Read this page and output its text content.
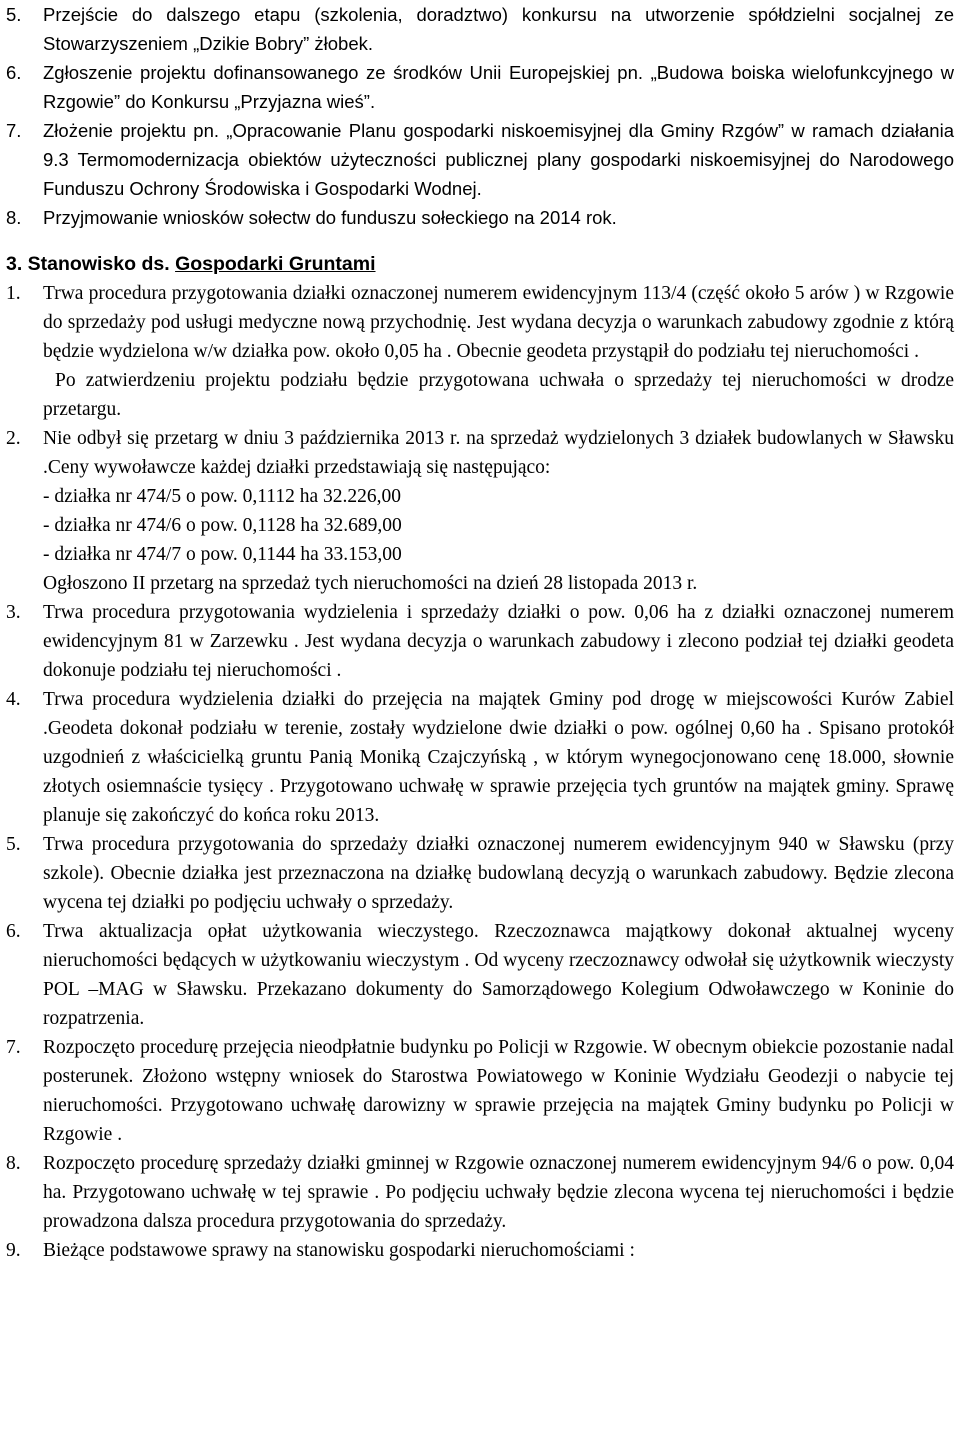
5. Przejście do dalszego etapu (szkolenia, doradztwo) konkursu na utworzenie spółdzielni socjalnej ze Stowarzyszeniem „Dzikie Bobry” żłobek.
6. Zgłoszenie projektu dofinansowanego ze środków Unii Europejskiej pn. „Budowa boiska wielofunkcyjnego w Rzgowie” do Konkursu „Przyjazna wieś”.
7. Złożenie projektu pn. „Opracowanie Planu gospodarki niskoemisyjnej dla Gminy Rzgów” w ramach działania 9.3 Termomodernizacja obiektów użyteczności publicznej plany gospodarki niskoemisyjnej do Narodowego Funduszu Ochrony Środowiska i Gospodarki Wodnej.
8. Przyjmowanie wniosków sołectw do funduszu sołeckiego na 2014 rok.

3. Stanowisko ds. Gospodarki Gruntami

1. Trwa procedura przygotowania działki oznaczonej numerem ewidencyjnym 113/4 (część około 5 arów ) w Rzgowie do sprzedaży pod usługi medyczne nową przychodnię. Jest wydana decyzja o warunkach zabudowy zgodnie z którą będzie wydzielona w/w działka pow. około 0,05 ha . Obecnie geodeta przystąpił do podziału tej nieruchomości .
Po zatwierdzeniu projektu podziału będzie przygotowana uchwała o sprzedaży tej nieruchomości w drodze przetargu.
2. Nie odbył się przetarg w dniu 3 października 2013 r. na sprzedaż wydzielonych 3 działek budowlanych w Sławsku .Ceny wywoławcze każdej działki przedstawiają się następująco:
- działka nr 474/5 o pow. 0,1112 ha 32.226,00
- działka nr 474/6 o pow. 0,1128 ha 32.689,00
- działka nr 474/7 o pow. 0,1144 ha 33.153,00
Ogłoszono II przetarg na sprzedaż tych nieruchomości na dzień 28 listopada 2013 r.
3. Trwa procedura przygotowania wydzielenia i sprzedaży działki o pow. 0,06 ha z działki oznaczonej numerem ewidencyjnym 81 w Zarzewku . Jest wydana decyzja o warunkach zabudowy i zlecono podział tej działki geodeta dokonuje podziału tej nieruchomości .
4. Trwa procedura wydzielenia działki do przejęcia na majątek Gminy pod drogę w miejscowości Kurów Zabiel .Geodeta dokonał podziału w terenie, zostały wydzielone dwie działki o pow. ogólnej 0,60 ha . Spisano protokół uzgodnień z właścicielką gruntu Panią Moniką Czajczyńską , w którym wynegocjonowano cenę 18.000, słownie złotych osiemnaście tysięcy . Przygotowano uchwałę w sprawie przejęcia tych gruntów na majątek gminy. Sprawę planuje się zakończyć do końca roku 2013.
5. Trwa procedura przygotowania do sprzedaży działki oznaczonej numerem ewidencyjnym 940 w Sławsku (przy szkole). Obecnie działka jest przeznaczona na działkę budowlaną decyzją o warunkach zabudowy. Będzie zlecona wycena tej działki po podjęciu uchwały o sprzedaży.
6. Trwa aktualizacja opłat użytkowania wieczystego. Rzeczoznawca majątkowy dokonał aktualnej wyceny nieruchomości będących w użytkowaniu wieczystym . Od wyceny rzeczoznawcy odwołał się użytkownik wieczysty POL –MAG w Sławsku. Przekazano dokumenty do Samorządowego Kolegium Odwoławczego w Koninie do rozpatrzenia.
7. Rozpoczęto procedurę przejęcia nieodpłatnie budynku po Policji w Rzgowie. W obecnym obiekcie pozostanie nadal posterunek. Złożono wstępny wniosek do Starostwa Powiatowego w Koninie Wydziału Geodezji o nabycie tej nieruchomości. Przygotowano uchwałę darowizny w sprawie przejęcia na majątek Gminy budynku po Policji w Rzgowie .
8. Rozpoczęto procedurę sprzedaży działki gminnej w Rzgowie oznaczonej numerem ewidencyjnym 94/6 o pow. 0,04 ha. Przygotowano uchwałę w tej sprawie . Po podjęciu uchwały będzie zlecona wycena tej nieruchomości i będzie prowadzona dalsza procedura przygotowania do sprzedaży.
9. Bieżące podstawowe sprawy na stanowisku gospodarki nieruchomościami :
